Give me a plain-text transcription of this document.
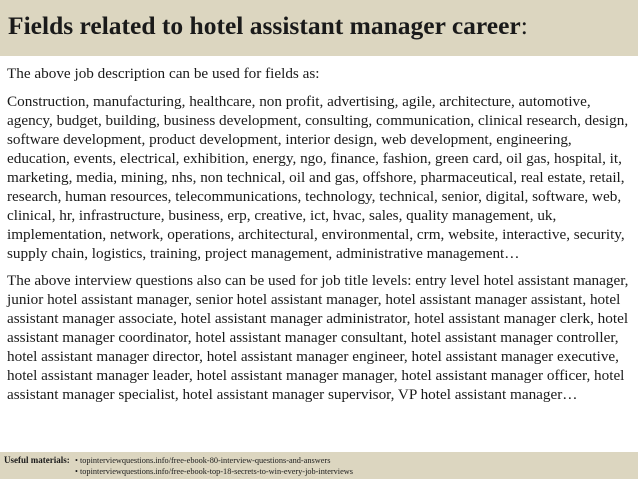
Fields related to hotel assistant manager career:

The above job description can be used for fields as:

Construction, manufacturing, healthcare, non profit, advertising, agile, architecture, automotive, agency, budget, building, business development, consulting, communication, clinical research, design, software development, product development, interior design, web development, engineering, education, events, electrical, exhibition, energy, ngo, finance, fashion, green card, oil gas, hospital, it, marketing, media, mining, nhs, non technical, oil and gas, offshore, pharmaceutical, real estate, retail, research, human resources, telecommunications, technology, technical, senior, digital, software, web, clinical, hr, infrastructure, business, erp, creative, ict, hvac, sales, quality management, uk, implementation, network, operations, architectural, environmental, crm, website, interactive, security, supply chain, logistics, training, project management, administrative management…

The above interview questions also can be used for job title levels: entry level hotel assistant manager, junior hotel assistant manager, senior hotel assistant manager, hotel assistant manager assistant, hotel assistant manager associate, hotel assistant manager administrator, hotel assistant manager clerk, hotel assistant manager coordinator, hotel assistant manager consultant, hotel assistant manager controller, hotel assistant manager director, hotel assistant manager engineer, hotel assistant manager executive, hotel assistant manager leader, hotel assistant manager manager, hotel assistant manager officer, hotel assistant manager specialist, hotel assistant manager supervisor, VP hotel assistant manager…

Useful materials: • topinterviewquestions.info/free-ebook-80-interview-questions-and-answers
• topinterviewquestions.info/free-ebook-top-18-secrets-to-win-every-job-interviews
